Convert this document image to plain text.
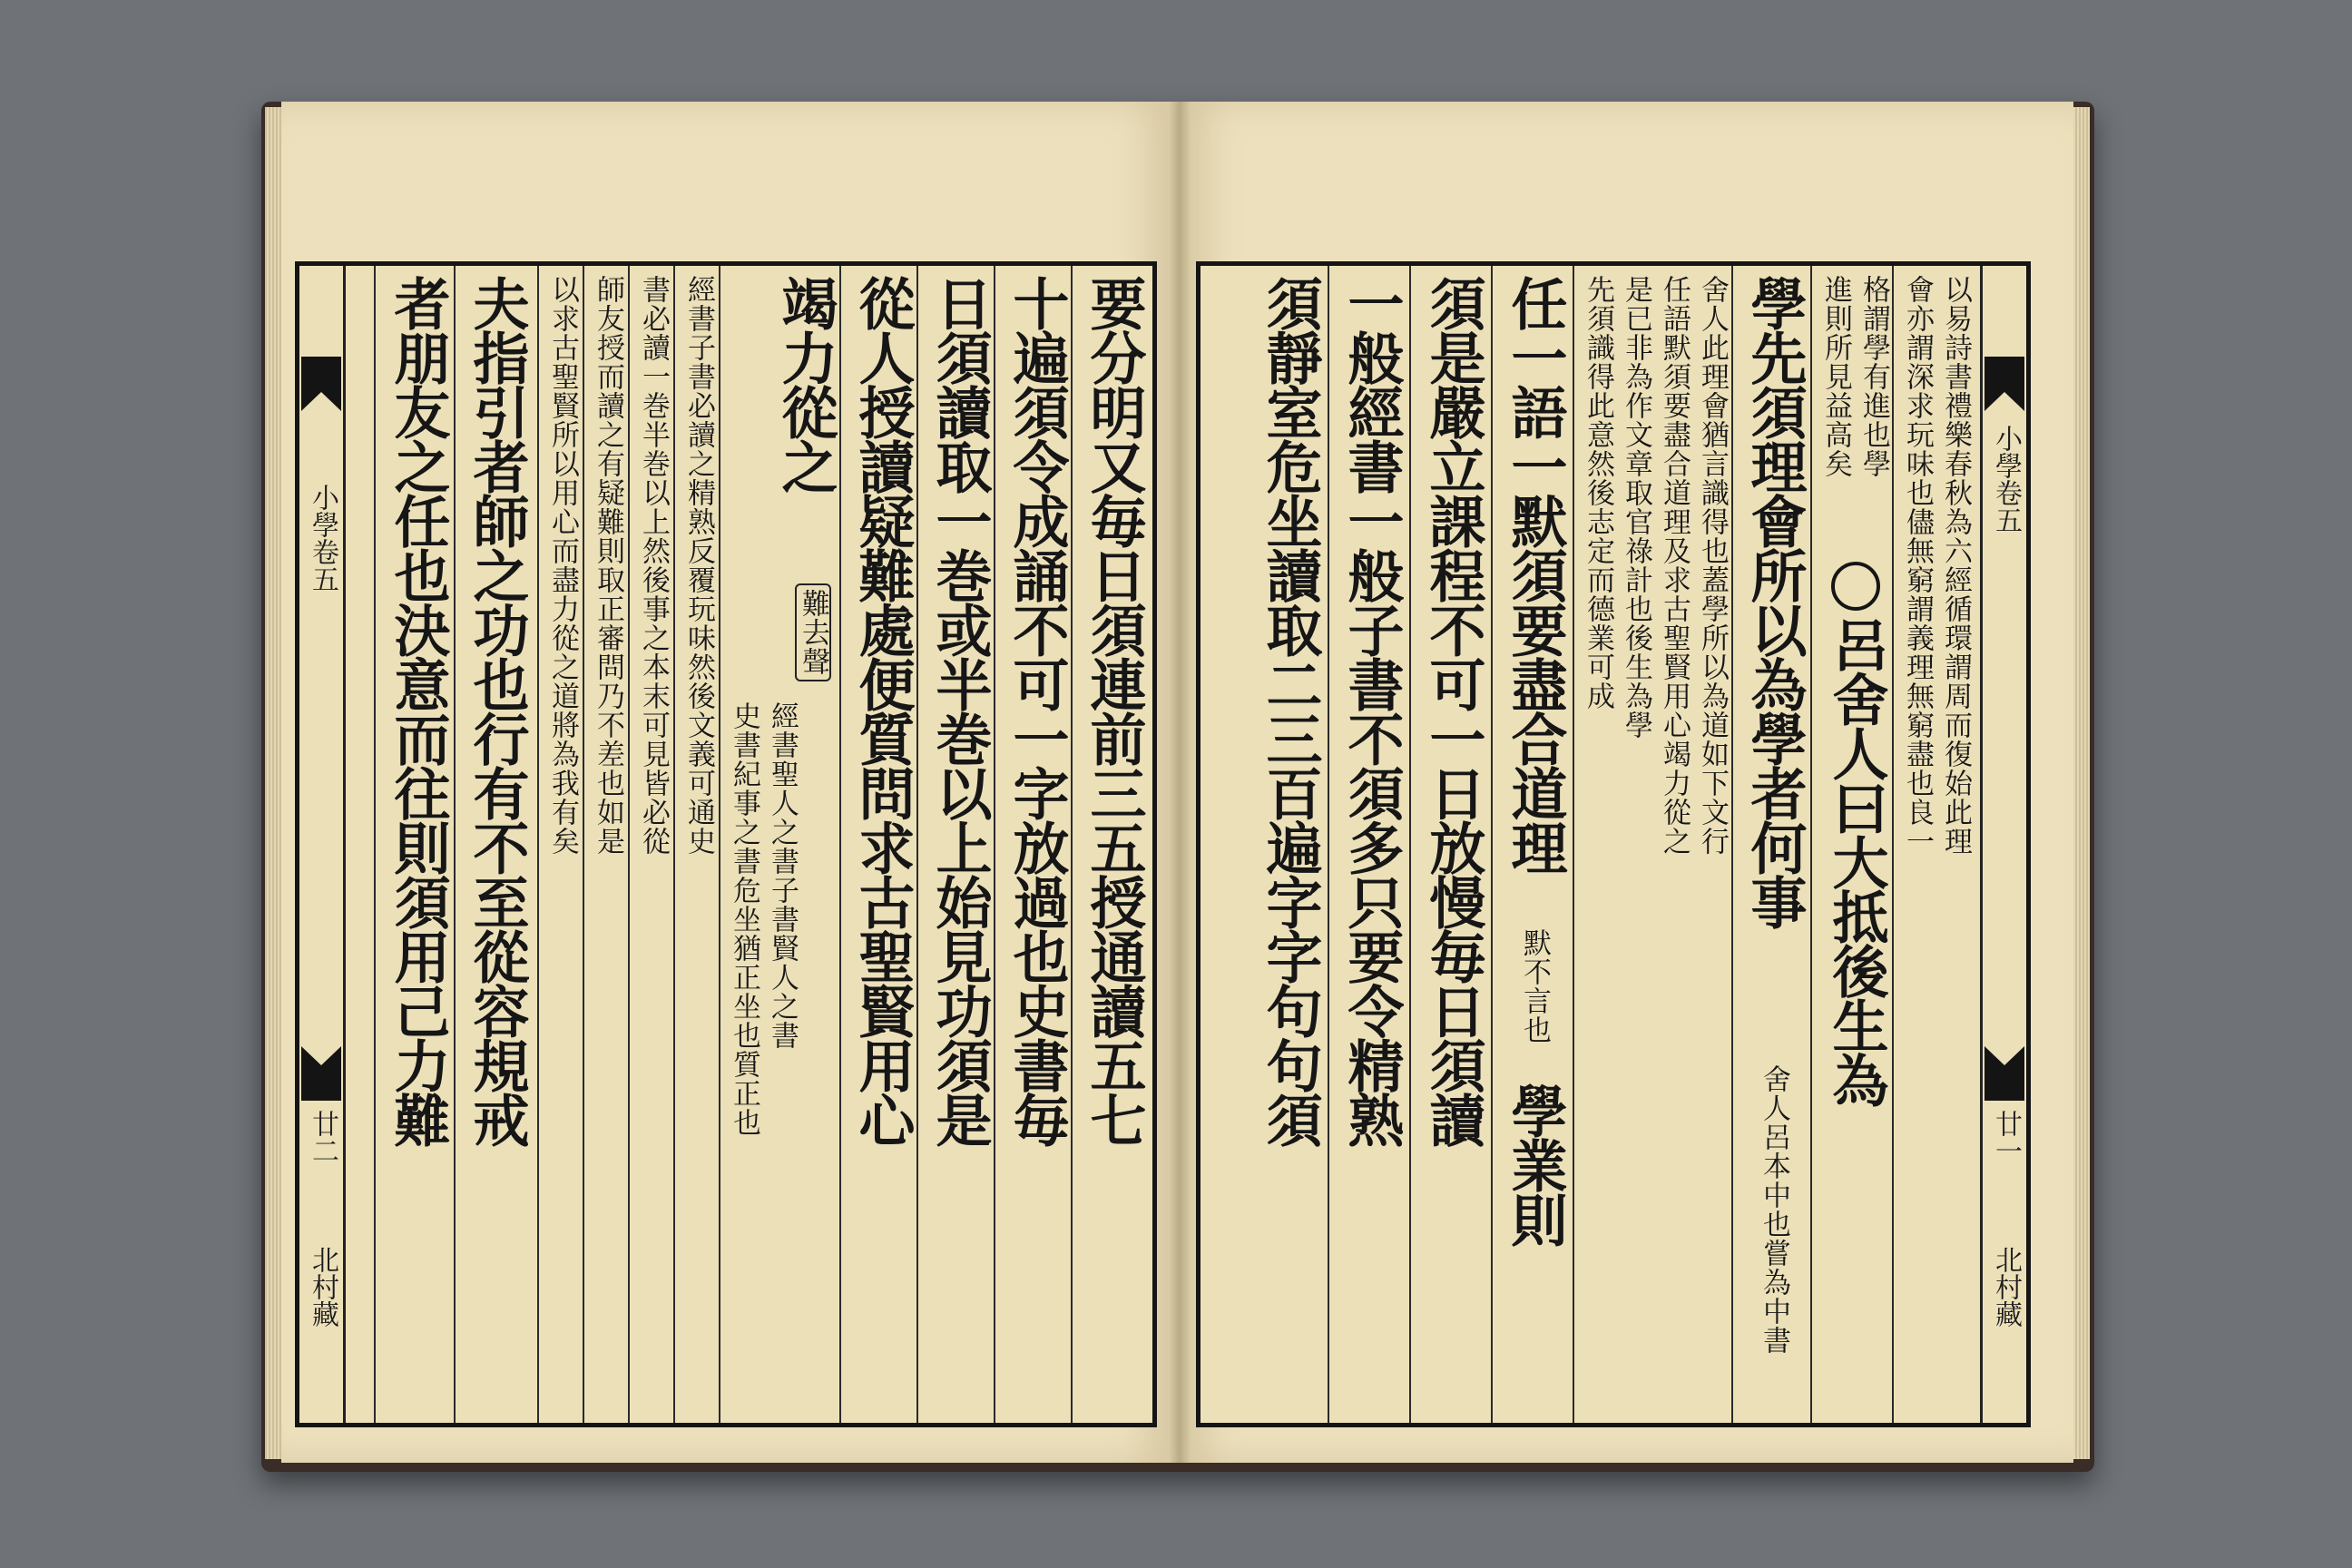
小學卷五
廿二
北村藏
要分明又毎日須連前三五授通讀五七
十遍須令成誦不可一字放過也史書毎
日須讀取一巻或半巻以上始見功須是
從人授讀疑難處便質問求古聖賢用心
竭力從之
難去聲
經書聖人之書子書賢人之書
史書紀事之書危坐猶正坐也質正也
經書子書必讀之精熟反覆玩味然後文義可通史
書必讀一巻半巻以上然後事之本末可見皆必從
師友授而讀之有疑難則取正審問乃不差也如是
以求古聖賢所以用心而盡力從之道將為我有矣
夫指引者師之功也行有不至從容規戒
者朋友之任也決意而往則須用己力難	小學卷五
廿一
北村藏
以易詩書禮樂春秋為六經循環謂周而復始此理
會亦謂深求玩味也儘無窮謂義理無窮盡也良一
格謂學有進也學
進則所見益高矣
呂舍人曰大抵後生為
學先須理會所以為學者何事
舍人呂本中也嘗為中書
舍人此理會猶言識得也蓋學所以為道如下文行
任語默須要盡合道理及求古聖賢用心竭力從之
是已非為作文章取官祿計也後生為學
先須識得此意然後志定而德業可成
任一語一默須要盡合道理
默不言也
學業則
須是嚴立課程不可一日放慢毎日須讀
一般經書一般子書不須多只要令精熟
須靜室危坐讀取二三百遍字字句句須
